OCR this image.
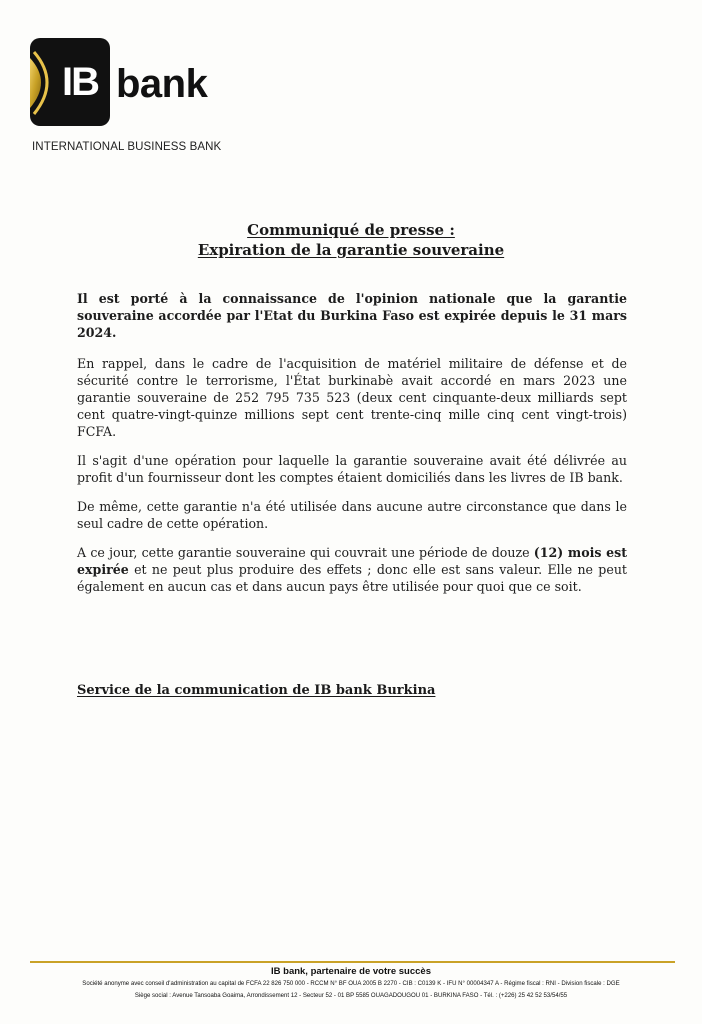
IB bank
INTERNATIONAL BUSINESS BANK
Communiqué de presse :
Expiration de la garantie souveraine

Il est porté à la connaissance de l'opinion nationale que la garantie souveraine accordée par l'Etat du Burkina Faso est expirée depuis le 31 mars 2024.

En rappel, dans le cadre de l'acquisition de matériel militaire de défense et de sécurité contre le terrorisme, l'État burkinabè avait accordé en mars 2023 une garantie souveraine de 252 795 735 523 (deux cent cinquante-deux milliards sept cent quatre-vingt-quinze millions sept cent trente-cinq mille cinq cent vingt-trois) FCFA.

Il s'agit d'une opération pour laquelle la garantie souveraine avait été délivrée au profit d'un fournisseur dont les comptes étaient domiciliés dans les livres de IB bank.

De même, cette garantie n'a été utilisée dans aucune autre circonstance que dans le seul cadre de cette opération.

A ce jour, cette garantie souveraine qui couvrait une période de douze (12) mois est expirée et ne peut plus produire des effets ; donc elle est sans valeur. Elle ne peut également en aucun cas et dans aucun pays être utilisée pour quoi que ce soit.

Service de la communication de IB bank Burkina
IB bank, partenaire de votre succès
Société anonyme avec conseil d'administration au capital de FCFA 22 826 750 000 - RCCM N° BF OUA 2005 B 2270 - CIB : C0139 K - IFU N° 00004347 A - Régime fiscal : RNI - Division fiscale : DGE
Siège social : Avenue Tansoaba Goaima, Arrondissement 12 - Secteur 52 - 01 BP 5585 OUAGADOUGOU 01 - BURKINA FASO - Tél. : (+226) 25 42 52 53/54/55
